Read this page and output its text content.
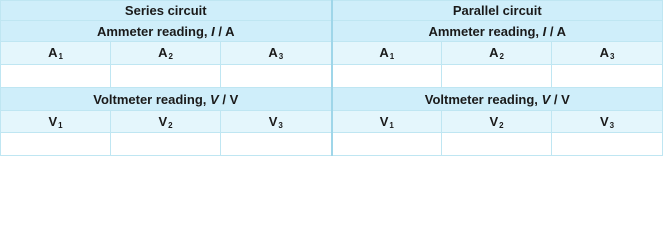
Series circuit			Parallel circuit		
Ammeter reading, I / A			Ammeter reading, I / A		
$A_1$	$A_2$	$A_3$	$A_1$	$A_2$	$A_3$

Voltmeter reading, V / V			Voltmeter reading, V / V		
$V_1$	$V_2$	$V_3$	$V_1$	$V_2$	$V_3$
